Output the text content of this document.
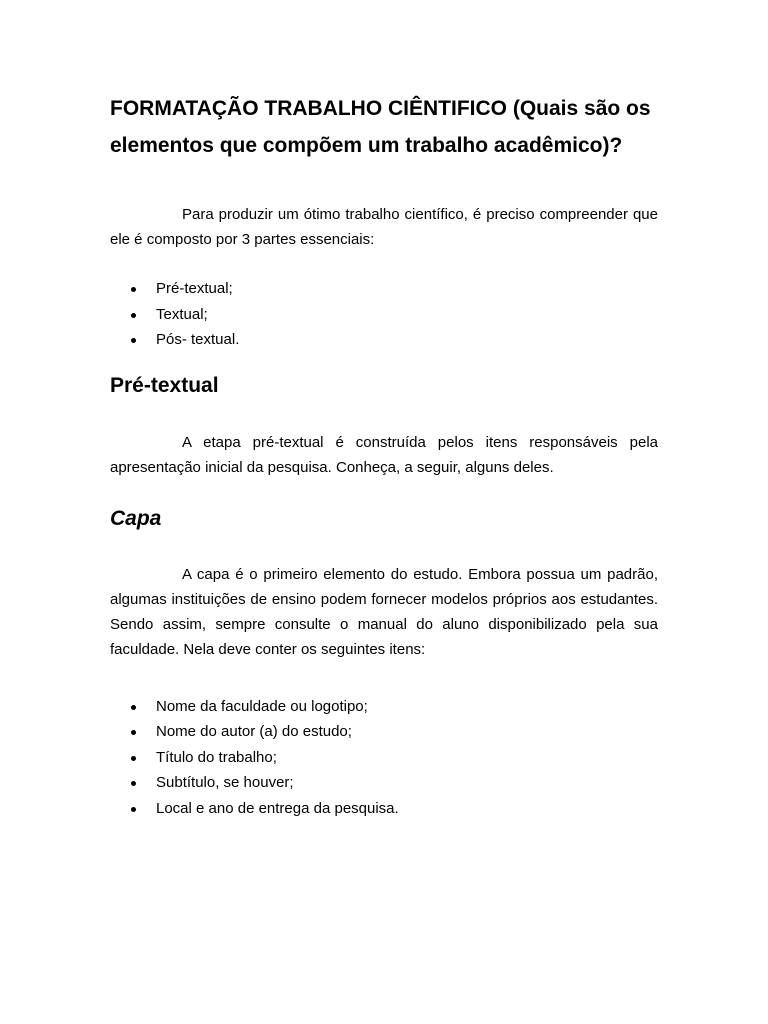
FORMATAÇÃO TRABALHO CIÊNTIFICO (Quais são os elementos que compõem um trabalho acadêmico)?

Para produzir um ótimo trabalho científico, é preciso compreender que ele é composto por 3 partes essenciais:

Pré-textual;
Textual;
Pós- textual.
Pré-textual

A etapa pré-textual é construída pelos itens responsáveis pela apresentação inicial da pesquisa. Conheça, a seguir, alguns deles.

Capa

A capa é o primeiro elemento do estudo. Embora possua um padrão, algumas instituições de ensino podem fornecer modelos próprios aos estudantes. Sendo assim, sempre consulte o manual do aluno disponibilizado pela sua faculdade. Nela deve conter os seguintes itens:

Nome da faculdade ou logotipo;
Nome do autor (a) do estudo;
Título do trabalho;
Subtítulo, se houver;
Local e ano de entrega da pesquisa.
